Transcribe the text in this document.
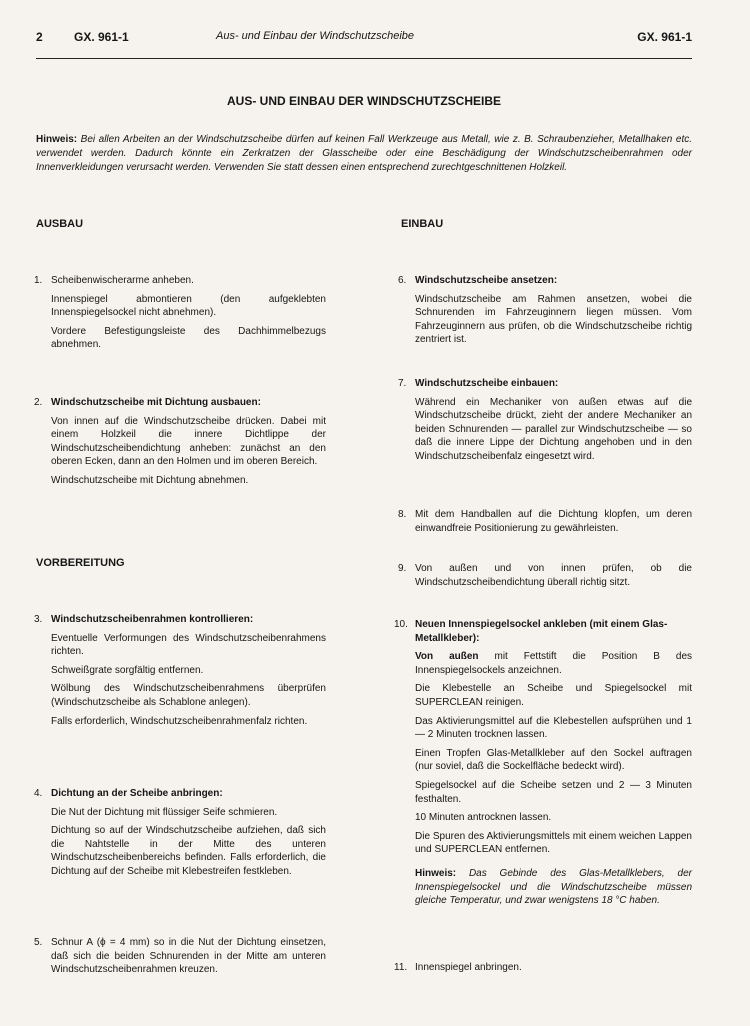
2	GX. 961-1	Aus- und Einbau der Windschutzscheibe	GX. 961-1
AUS- UND EINBAU DER WINDSCHUTZSCHEIBE
Hinweis: Bei allen Arbeiten an der Windschutzscheibe dürfen auf keinen Fall Werkzeuge aus Metall, wie z. B. Schraubenzieher, Metallhaken etc. verwendet werden. Dadurch könnte ein Zerkratzen der Glasscheibe oder eine Beschädigung der Windschutzscheibenrahmen oder Innenverkleidungen verursacht werden. Verwenden Sie statt dessen einen entsprechend zurechtgeschnittenen Holzkeil.
AUSBAU	EINBAU
VORBEREITUNG
1. Scheibenwischerarme anheben.

Innenspiegel abmontieren (den aufgeklebten Innenspiegelsockel nicht abnehmen).

Vordere Befestigungsleiste des Dachhimmelbezugs abnehmen.

2. Windschutzscheibe mit Dichtung ausbauen:

Von innen auf die Windschutzscheibe drücken. Dabei mit einem Holzkeil die innere Dichtlippe der Windschutzscheibendichtung anheben: zunächst an den oberen Ecken, dann an den Holmen und im oberen Bereich.

Windschutzscheibe mit Dichtung abnehmen.

3. Windschutzscheibenrahmen kontrollieren:

Eventuelle Verformungen des Windschutzscheibenrahmens richten.

Schweißgrate sorgfältig entfernen.

Wölbung des Windschutzscheibenrahmens überprüfen (Windschutzscheibe als Schablone anlegen).

Falls erforderlich, Windschutzscheibenrahmenfalz richten.

4. Dichtung an der Scheibe anbringen:

Die Nut der Dichtung mit flüssiger Seife schmieren.

Dichtung so auf der Windschutzscheibe aufziehen, daß sich die Nahtstelle in der Mitte des unteren Windschutzscheibenbereichs befinden. Falls erforderlich, die Dichtung auf der Scheibe mit Klebestreifen festkleben.

5. Schnur A (ϕ = 4 mm) so in die Nut der Dichtung einsetzen, daß sich die beiden Schnurenden in der Mitte am unteren Windschutzscheibenrahmen kreuzen.

6. Windschutzscheibe ansetzen:

Windschutzscheibe am Rahmen ansetzen, wobei die Schnurenden im Fahrzeuginnern liegen müssen. Vom Fahrzeuginnern aus prüfen, ob die Windschutzscheibe richtig zentriert ist.

7. Windschutzscheibe einbauen:

Während ein Mechaniker von außen etwas auf die Windschutzscheibe drückt, zieht der andere Mechaniker an beiden Schnurenden — parallel zur Windschutzscheibe — so daß die innere Lippe der Dichtung angehoben und in den Windschutzscheibenfalz eingesetzt wird.

8. Mit dem Handballen auf die Dichtung klopfen, um deren einwandfreie Positionierung zu gewährleisten.

9. Von außen und von innen prüfen, ob die Windschutzscheibendichtung überall richtig sitzt.

10. Neuen Innenspiegelsockel ankleben (mit einem Glas-Metallkleber):

Von außen mit Fettstift die Position B des Innenspiegelsockels anzeichnen.

Die Klebestelle an Scheibe und Spiegelsockel mit SUPERCLEAN reinigen.

Das Aktivierungsmittel auf die Klebestellen aufsprühen und 1 — 2 Minuten trocknen lassen.

Einen Tropfen Glas-Metallkleber auf den Sockel auftragen (nur soviel, daß die Sockelfläche bedeckt wird).

Spiegelsockel auf die Scheibe setzen und 2 — 3 Minuten festhalten.

10 Minuten antrocknen lassen.

Die Spuren des Aktivierungsmittels mit einem weichen Lappen und SUPERCLEAN entfernen.

Hinweis: Das Gebinde des Glas-Metallklebers, der Innenspiegelsockel und die Windschutzscheibe müssen gleiche Temperatur, und zwar wenigstens 18 °C haben.

11. Innenspiegel anbringen.
